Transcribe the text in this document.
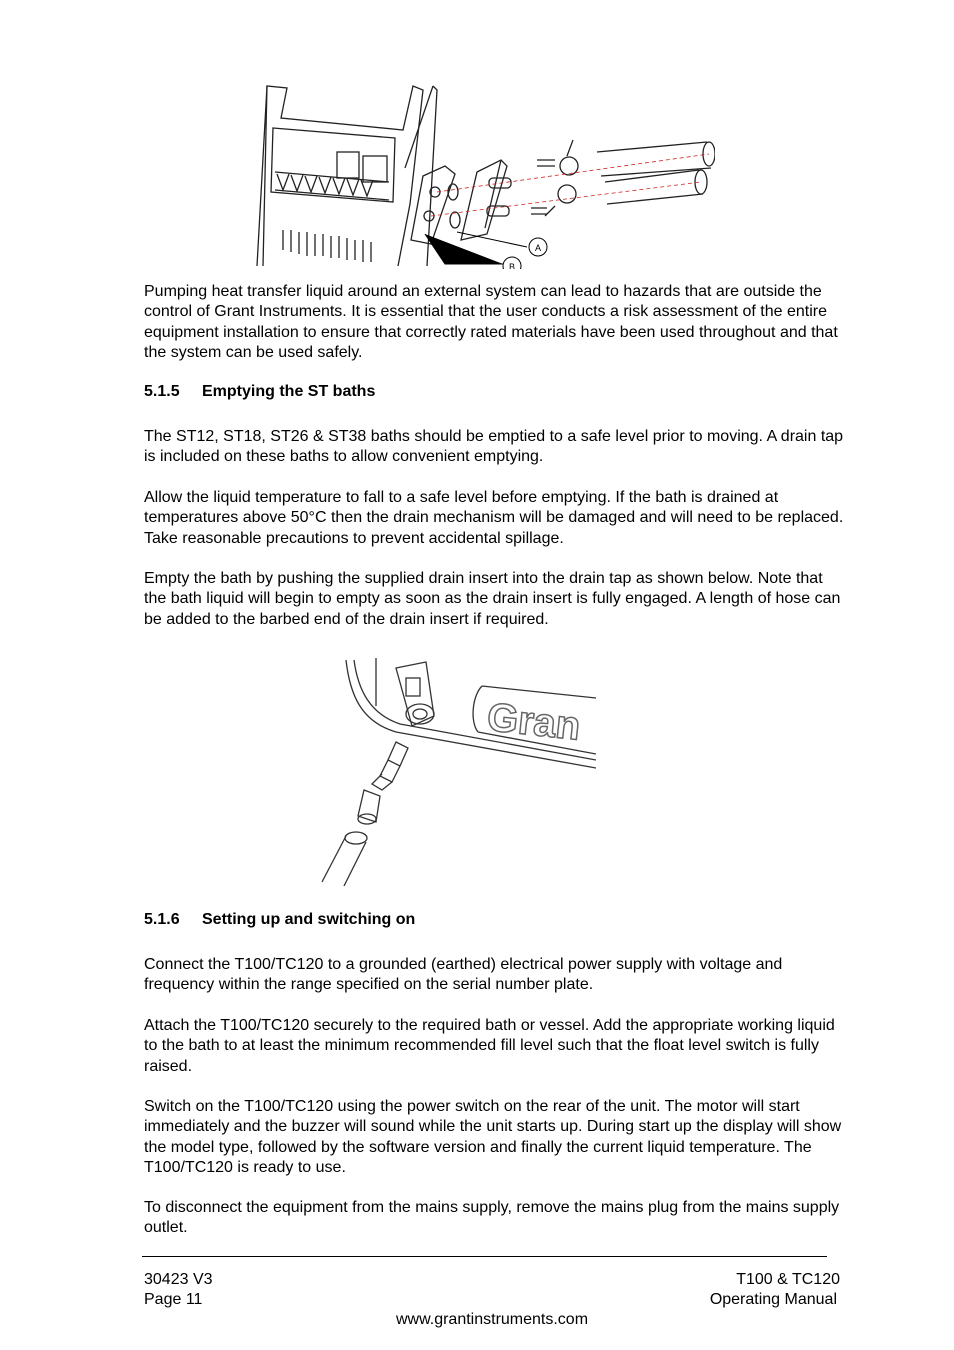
A
B

Pumping heat transfer liquid around an external system can lead to hazards that are outside the control of Grant Instruments. It is essential that the user conducts a risk assessment of the entire equipment installation to ensure that correctly rated materials have been used throughout and that the system can be used safely.

5.1.5 Emptying the ST baths

The ST12, ST18, ST26 & ST38 baths should be emptied to a safe level prior to moving. A drain tap is included on these baths to allow convenient emptying.

Allow the liquid temperature to fall to a safe level before emptying. If the bath is drained at temperatures above 50°C then the drain mechanism will be damaged and will need to be replaced. Take reasonable precautions to prevent accidental spillage.

Empty the bath by pushing the supplied drain insert into the drain tap as shown below. Note that the bath liquid will begin to empty as soon as the drain insert is fully engaged. A length of hose can be added to the barbed end of the drain insert if required.

Gran
5.1.6 Setting up and switching on

Connect the T100/TC120 to a grounded (earthed) electrical power supply with voltage and frequency within the range specified on the serial number plate.

Attach the T100/TC120 securely to the required bath or vessel. Add the appropriate working liquid to the bath to at least the minimum recommended fill level such that the float level switch is fully raised.

Switch on the T100/TC120 using the power switch on the rear of the unit. The motor will start immediately and the buzzer will sound while the unit starts up. During start up the display will show the model type, followed by the software version and finally the current liquid temperature. The T100/TC120 is ready to use.

To disconnect the equipment from the mains supply, remove the mains plug from the mains supply outlet.

30423 V3
Page 11
T100 & TC120
Operating Manual
www.grantinstruments.com
